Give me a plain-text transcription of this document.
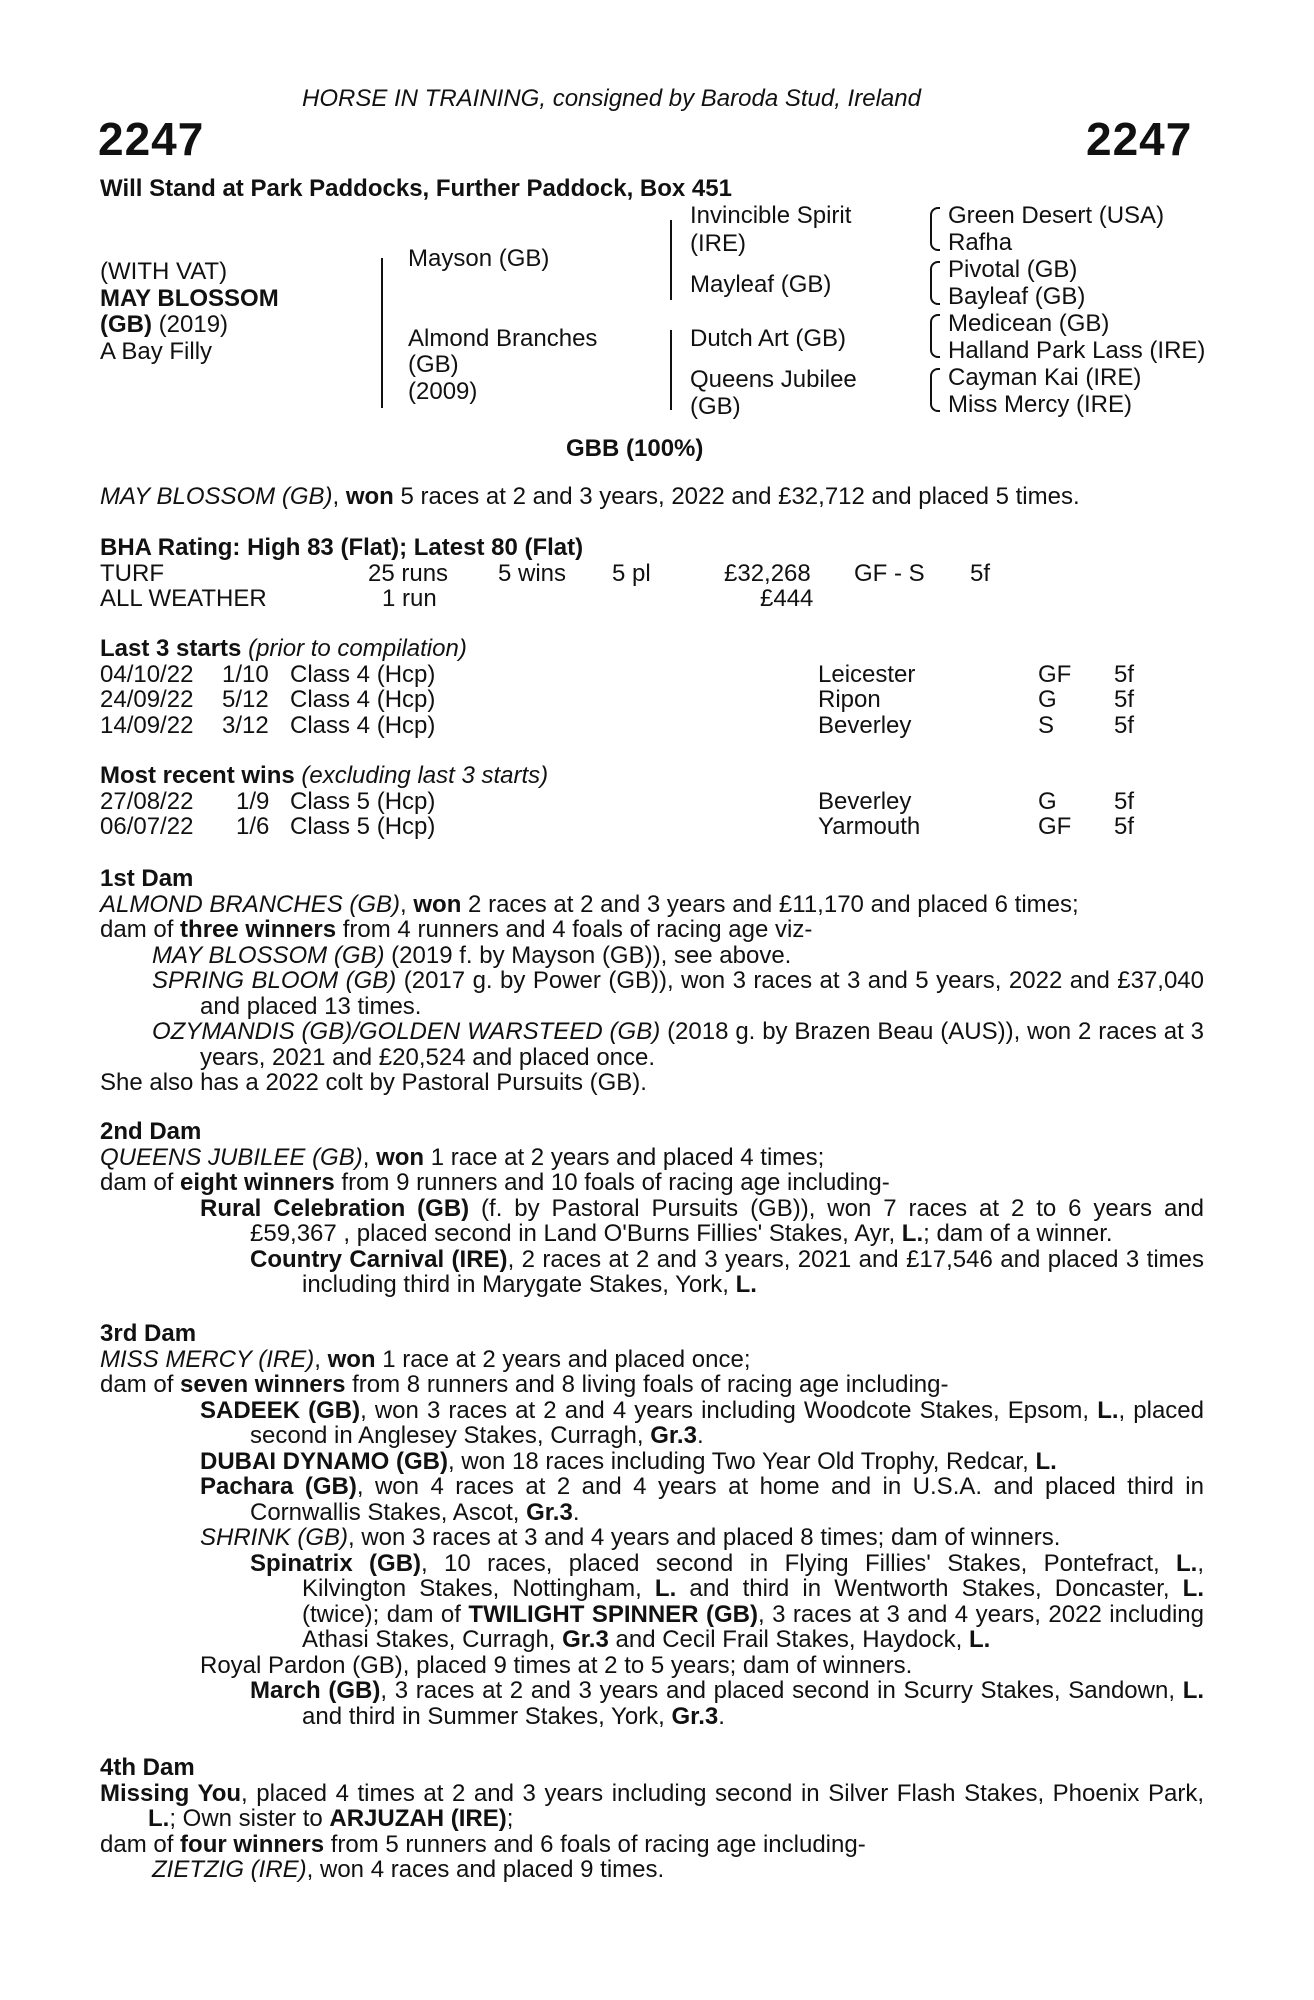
HORSE IN TRAINING, consigned by Baroda Stud, Ireland
2247	2247
Will Stand at Park Paddocks, Further Paddock, Box 451
(WITH VAT)
MAY BLOSSOM
(GB) (2019)
A Bay Filly
Mayson (GB)
Almond Branches
(GB)
(2009)
Invincible Spirit
(IRE)
Mayleaf (GB)
Dutch Art (GB)
Queens Jubilee
(GB)
Green Desert (USA)
Rafha
Pivotal (GB)
Bayleaf (GB)
Medicean (GB)
Halland Park Lass (IRE)
Cayman Kai (IRE)
Miss Mercy (IRE)
GBB (100%)
MAY BLOSSOM (GB), won 5 races at 2 and 3 years, 2022 and £32,712 and placed 5 times.
BHA Rating: High 83 (Flat); Latest 80 (Flat)
TURF	25 runs 5 wins 5 pl	£32,268 GF - S 5f
ALL WEATHER	1 run	£444
Last 3 starts (prior to compilation)
04/10/22 1/10 Class 4 (Hcp)	Leicester	GF 5f
24/09/22 5/12 Class 4 (Hcp)	Ripon	G 5f
14/09/22 3/12 Class 4 (Hcp)	Beverley	S 5f
Most recent wins (excluding last 3 starts)
27/08/22 1/9 Class 5 (Hcp)	Beverley	G 5f
06/07/22 1/6 Class 5 (Hcp)	Yarmouth	GF 5f

1st Dam

ALMOND BRANCHES (GB), won 2 races at 2 and 3 years and £11,170 and placed 6 times;

dam of three winners from 4 runners and 4 foals of racing age viz-

MAY BLOSSOM (GB) (2019 f. by Mayson (GB)), see above.

SPRING BLOOM (GB) (2017 g. by Power (GB)), won 3 races at 3 and 5 years, 2022 and £37,040 and placed 13 times.

OZYMANDIS (GB)/GOLDEN WARSTEED (GB) (2018 g. by Brazen Beau (AUS)), won 2 races at 3 years, 2021 and £20,524 and placed once.

She also has a 2022 colt by Pastoral Pursuits (GB).

2nd Dam

QUEENS JUBILEE (GB), won 1 race at 2 years and placed 4 times;

dam of eight winners from 9 runners and 10 foals of racing age including-

Rural Celebration (GB) (f. by Pastoral Pursuits (GB)), won 7 races at 2 to 6 years and £59,367 , placed second in Land O'Burns Fillies' Stakes, Ayr, L.; dam of a winner.

Country Carnival (IRE), 2 races at 2 and 3 years, 2021 and £17,546 and placed 3 times including third in Marygate Stakes, York, L.

3rd Dam

MISS MERCY (IRE), won 1 race at 2 years and placed once;

dam of seven winners from 8 runners and 8 living foals of racing age including-

SADEEK (GB), won 3 races at 2 and 4 years including Woodcote Stakes, Epsom, L., placed second in Anglesey Stakes, Curragh, Gr.3.

DUBAI DYNAMO (GB), won 18 races including Two Year Old Trophy, Redcar, L.

Pachara (GB), won 4 races at 2 and 4 years at home and in U.S.A. and placed third in Cornwallis Stakes, Ascot, Gr.3.

SHRINK (GB), won 3 races at 3 and 4 years and placed 8 times; dam of winners.

Spinatrix (GB), 10 races, placed second in Flying Fillies' Stakes, Pontefract, L., Kilvington Stakes, Nottingham, L. and third in Wentworth Stakes, Doncaster, L. (twice); dam of TWILIGHT SPINNER (GB), 3 races at 3 and 4 years, 2022 including Athasi Stakes, Curragh, Gr.3 and Cecil Frail Stakes, Haydock, L.

Royal Pardon (GB), placed 9 times at 2 to 5 years; dam of winners.

March (GB), 3 races at 2 and 3 years and placed second in Scurry Stakes, Sandown, L. and third in Summer Stakes, York, Gr.3.

4th Dam

Missing You, placed 4 times at 2 and 3 years including second in Silver Flash Stakes, Phoenix Park, L.; Own sister to ARJUZAH (IRE);

dam of four winners from 5 runners and 6 foals of racing age including-

ZIETZIG (IRE), won 4 races and placed 9 times.
